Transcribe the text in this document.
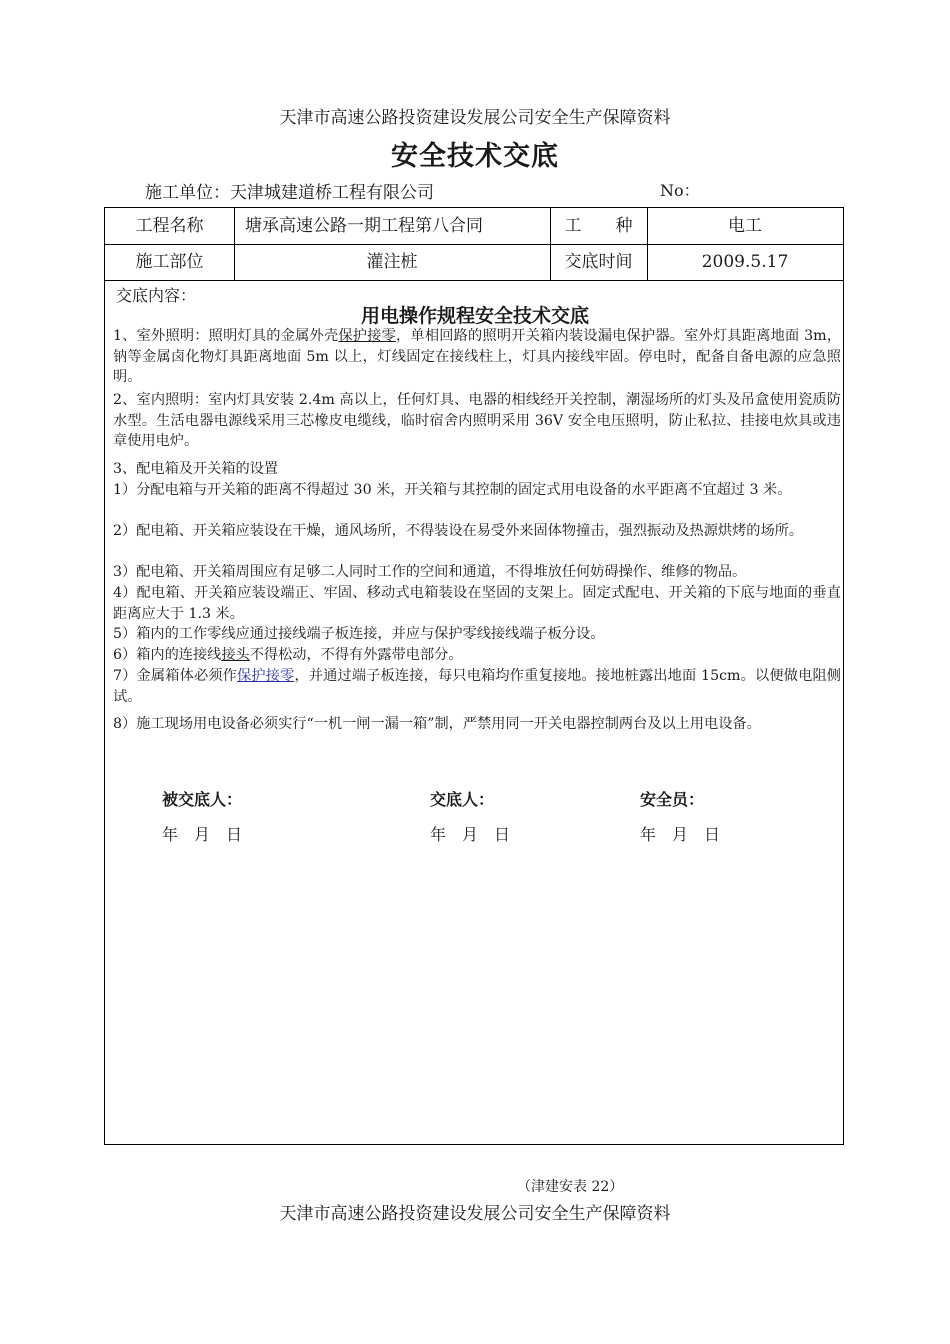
天津市高速公路投资建设发展公司安全生产保障资料
安全技术交底
施工单位：天津城建道桥工程有限公司	No：
工程名称	塘承高速公路一期工程第八合同	工　　种	电工
施工部位	灌注桩	交底时间	2009.5.17
交底内容：
用电操作规程安全技术交底
1、室外照明：照明灯具的金属外壳保护接零，单相回路的照明开关箱内装设漏电保护器。室外灯具距离地面 3m，钠等金属卤化物灯具距离地面 5m 以上，灯线固定在接线柱上，灯具内接线牢固。停电时，配备自备电源的应急照明。
2、室内照明：室内灯具安装 2.4m 高以上，任何灯具、电器的相线经开关控制，潮湿场所的灯头及吊盒使用瓷质防水型。生活电器电源线采用三芯橡皮电缆线，临时宿舍内照明采用 36V 安全电压照明，防止私拉、挂接电炊具或违章使用电炉。
3、配电箱及开关箱的设置
1）分配电箱与开关箱的距离不得超过 30 米，开关箱与其控制的固定式用电设备的水平距离不宜超过 3 米。
2）配电箱、开关箱应装设在干燥，通风场所，不得装设在易受外来固体物撞击，强烈振动及热源烘烤的场所。
3）配电箱、开关箱周围应有足够二人同时工作的空间和通道，不得堆放任何妨碍操作、维修的物品。
4）配电箱、开关箱应装设端正、牢固、移动式电箱装设在坚固的支架上。固定式配电、开关箱的下底与地面的垂直距离应大于 1.3 米。
5）箱内的工作零线应通过接线端子板连接，并应与保护零线接线端子板分设。
6）箱内的连接线接头不得松动，不得有外露带电部分。
7）金属箱体必须作保护接零，并通过端子板连接，每只电箱均作重复接地。接地桩露出地面 15cm。以便做电阻侧试。
8）施工现场用电设备必须实行“一机一闸一漏一箱”制，严禁用同一开关电器控制两台及以上用电设备。
被交底人：	交底人：	安全员：
年　月　日	年　月　日	年　月　日
（津建安表 22）
天津市高速公路投资建设发展公司安全生产保障资料
